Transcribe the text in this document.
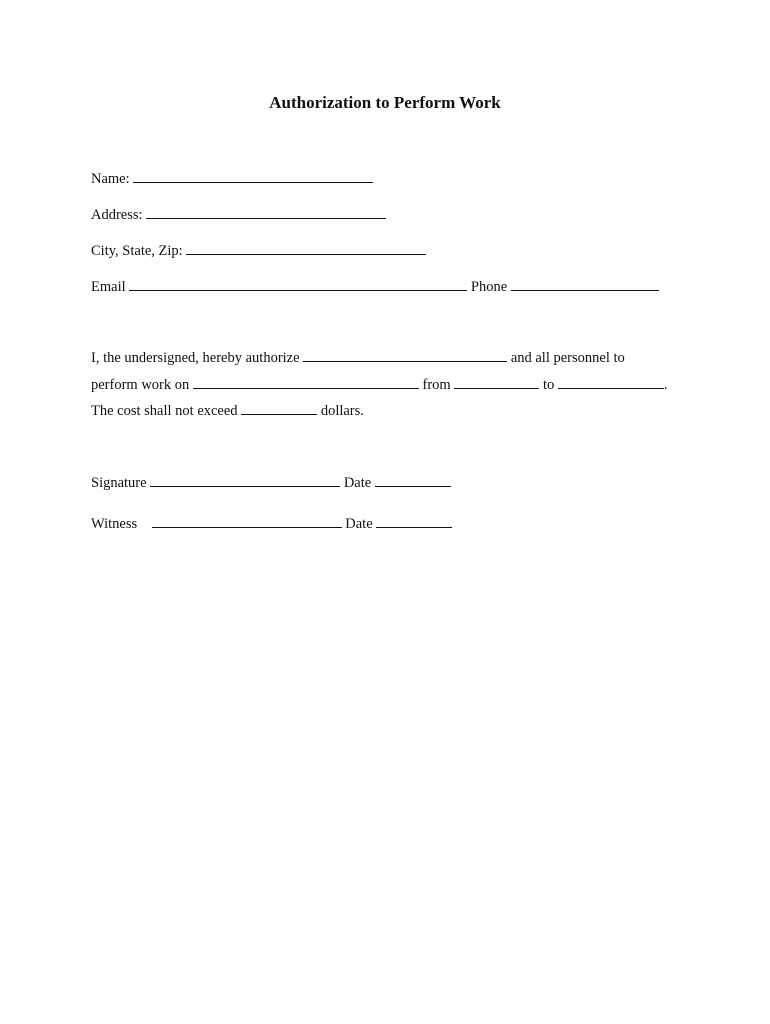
Authorization to Perform Work
Name:
Address:
City, State, Zip:
Email	Phone
I, the undersigned, hereby authorize	and all personnel to
perform work on	from	to	.
The cost shall not exceed	dollars.
Signature	Date
Witness	Date
